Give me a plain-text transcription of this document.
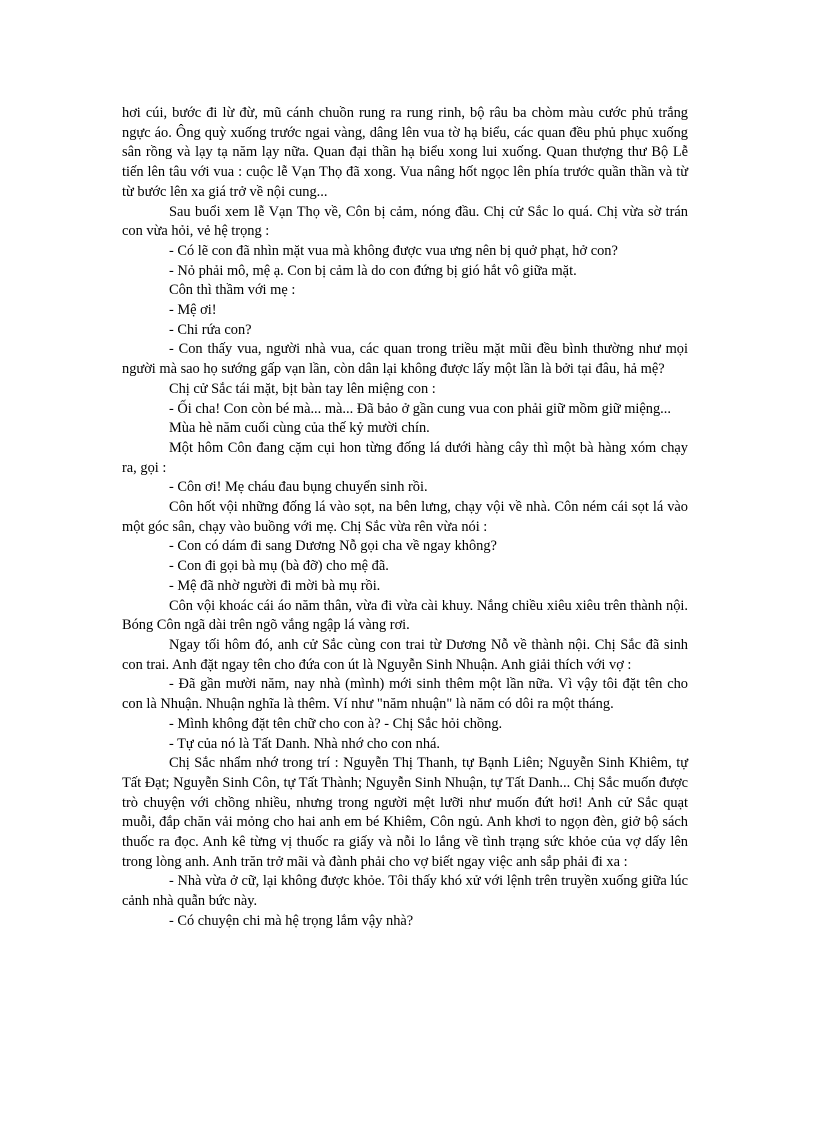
hơi cúi, bước đi lừ đừ, mũ cánh chuồn rung ra rung rinh, bộ râu ba chòm màu cước phủ trắng ngực áo. Ông quỳ xuống trước ngai vàng, dâng lên vua tờ hạ biểu, các quan đều phủ phục xuống sân rồng và lạy tạ năm lạy nữa. Quan đại thần hạ biểu xong lui xuống. Quan thượng thư Bộ Lễ tiến lên tâu với vua : cuộc lễ Vạn Thọ đã xong. Vua nâng hốt ngọc lên phía trước quần thần và từ từ bước lên xa giá trở về nội cung...

Sau buổi xem lễ Vạn Thọ về, Côn bị cảm, nóng đầu. Chị cử Sắc lo quá. Chị vừa sờ trán con vừa hỏi, vẻ hệ trọng :

- Có lẽ con đã nhìn mặt vua mà không được vua ưng nên bị quở phạt, hở con?

- Nỏ phải mô, mệ ạ. Con bị cảm là do con đứng bị gió hắt vô giữa mặt.

Côn thì thầm với mẹ :

- Mệ ơi!

- Chi rứa con?

- Con thấy vua, người nhà vua, các quan trong triều mặt mũi đều bình thường như mọi người mà sao họ sướng gấp vạn lần, còn dân lại không được lấy một lần là bởi tại đâu, hả mệ?

Chị cử Sắc tái mặt, bịt bàn tay lên miệng con :

- Ối cha! Con còn bé mà... mà... Đã bảo ở gần cung vua con phải giữ mồm giữ miệng...

Mùa hè năm cuối cùng của thế kỷ mười chín.

Một hôm Côn đang cặm cụi hon từng đống lá dưới hàng cây thì một bà hàng xóm chạy ra, gọi :

- Côn ơi! Mẹ cháu đau bụng chuyển sinh rồi.

Côn hốt vội những đống lá vào sọt, na bên lưng, chạy vội về nhà. Côn ném cái sọt lá vào một góc sân, chạy vào buồng với mẹ. Chị Sắc vừa rên vừa nói :

- Con có dám đi sang Dương Nỗ gọi cha về ngay không?

- Con đi gọi bà mụ (bà đỡ) cho mệ đã.

- Mệ đã nhờ người đi mời bà mụ rồi.

Côn vội khoác cái áo năm thân, vừa đi vừa cài khuy. Nắng chiều xiêu xiêu trên thành nội. Bóng Côn ngã dài trên ngõ vắng ngập lá vàng rơi.

Ngay tối hôm đó, anh cử Sắc cùng con trai từ Dương Nỗ về thành nội. Chị Sắc đã sinh con trai. Anh đặt ngay tên cho đứa con út là Nguyễn Sinh Nhuận. Anh giải thích với vợ :

- Đã gần mười năm, nay nhà (mình) mới sinh thêm một lần nữa. Vì vậy tôi đặt tên cho con là Nhuận. Nhuận nghĩa là thêm. Ví như "năm nhuận" là năm có dôi ra một tháng.

- Mình không đặt tên chữ cho con à? - Chị Sắc hỏi chồng.

- Tự của nó là Tất Danh. Nhà nhớ cho con nhá.

Chị Sắc nhẩm nhớ trong trí : Nguyễn Thị Thanh, tự Bạnh Liên; Nguyễn Sinh Khiêm, tự Tất Đạt; Nguyễn Sinh Côn, tự Tất Thành; Nguyễn Sinh Nhuận, tự Tất Danh... Chị Sắc muốn được trò chuyện với chồng nhiều, nhưng trong người mệt lưỡi như muốn đứt hơi! Anh cử Sắc quạt muỗi, đắp chăn vải mỏng cho hai anh em bé Khiêm, Côn ngủ. Anh khơi to ngọn đèn, giở bộ sách thuốc ra đọc. Anh kê từng vị thuốc ra giấy và nỗi lo lắng về tình trạng sức khỏe của vợ dấy lên trong lòng anh. Anh trăn trở mãi và đành phải cho vợ biết ngay việc anh sắp phải đi xa :

- Nhà vừa ở cữ, lại không được khỏe. Tôi thấy khó xử với lệnh trên truyền xuống giữa lúc cảnh nhà quẫn bức này.

- Có chuyện chi mà hệ trọng lắm vậy nhà?
